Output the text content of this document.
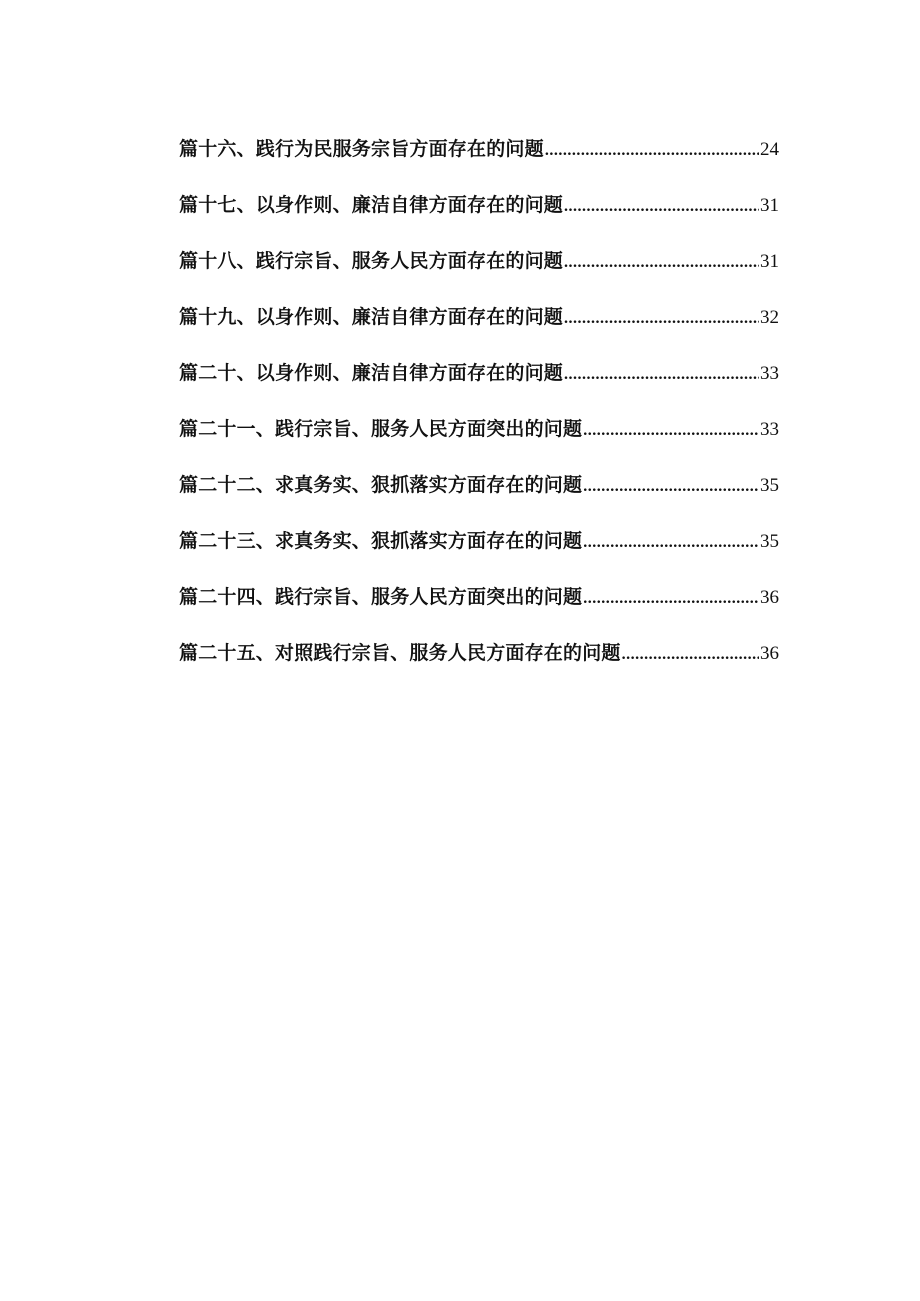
篇十六、践行为民服务宗旨方面存在的问题 .....	24
篇十七、以身作则、廉洁自律方面存在的问题 .....	31
篇十八、践行宗旨、服务人民方面存在的问题 .....	31
篇十九、以身作则、廉洁自律方面存在的问题 .....	32
篇二十、以身作则、廉洁自律方面存在的问题 .....	33
篇二十一、践行宗旨、服务人民方面突出的问题 .....	33
篇二十二、求真务实、狠抓落实方面存在的问题 .....	35
篇二十三、求真务实、狠抓落实方面存在的问题 .....	35
篇二十四、践行宗旨、服务人民方面突出的问题 .....	36
篇二十五、对照践行宗旨、服务人民方面存在的问题 .....	36
